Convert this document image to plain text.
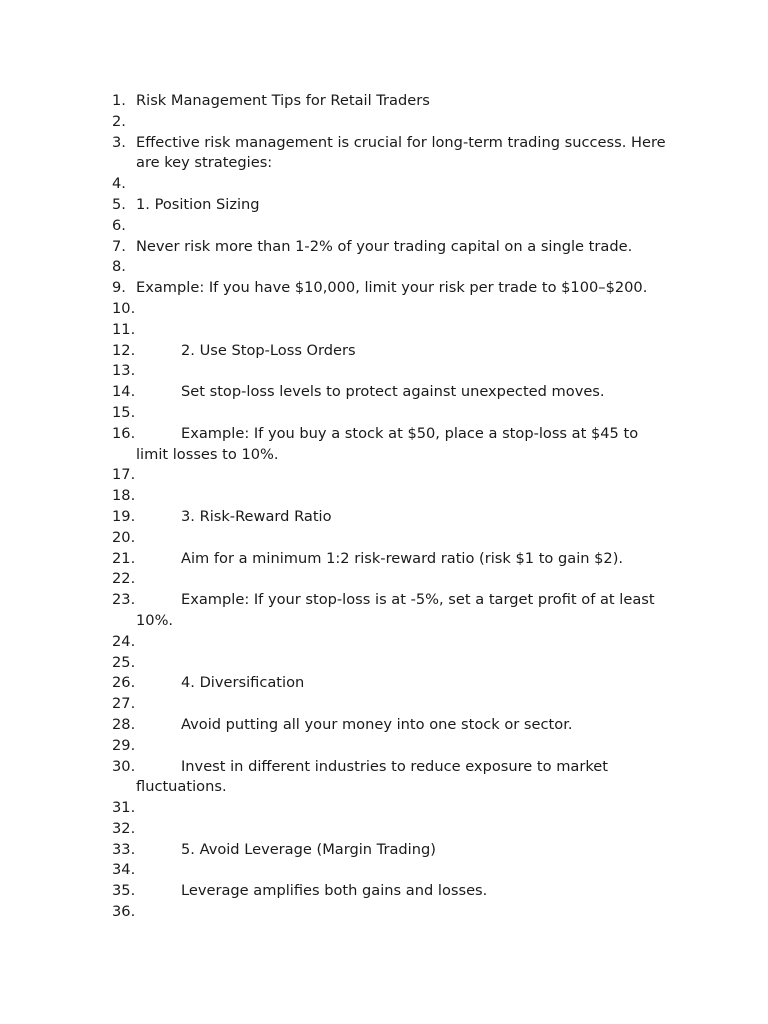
1. Risk Management Tips for Retail Traders
2.
3. Effective risk management is crucial for long-term trading success. Here are key strategies:
4.
5. 1. Position Sizing
6.
7. Never risk more than 1-2% of your trading capital on a single trade.
8.
9. Example: If you have $10,000, limit your risk per trade to $100–$200.
10.
11.
12.	2. Use Stop-Loss Orders
13.
14.	Set stop-loss levels to protect against unexpected moves.
15.
16.	Example: If you buy a stock at $50, place a stop-loss at $45 to limit losses to 10%.
17.
18.
19.	3. Risk-Reward Ratio
20.
21.	Aim for a minimum 1:2 risk-reward ratio (risk $1 to gain $2).
22.
23.	Example: If your stop-loss is at -5%, set a target profit of at least 10%.
24.
25.
26.	4. Diversification
27.
28.	Avoid putting all your money into one stock or sector.
29.
30.	Invest in different industries to reduce exposure to market fluctuations.
31.
32.
33.	5. Avoid Leverage (Margin Trading)
34.
35.	Leverage amplifies both gains and losses.
36.
